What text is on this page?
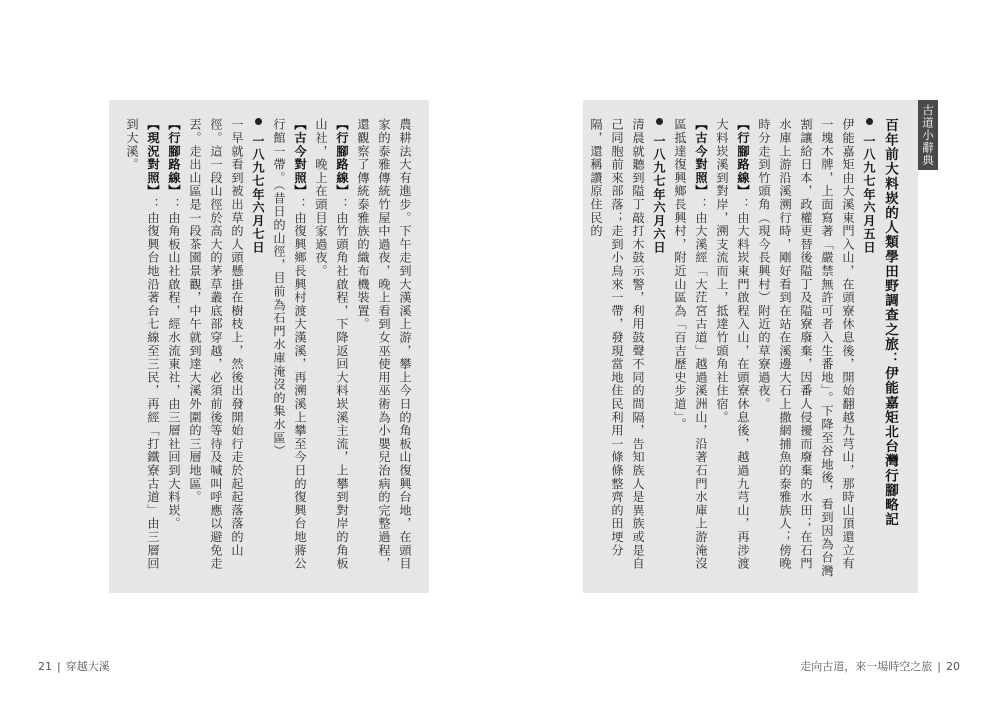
農耕法大有進步。下午走到大漢溪上游，攀上今日的角板山復興台地，在頭目家的泰雅傳統竹屋中過夜，晚上看到女巫使用巫術為小嬰兒治病的完整過程，還觀察了傳統泰雅族的織布機裝置。

【行腳路線】：由竹頭角社啟程，下降返回大料崁溪主流，上攀到對岸的角板山社，晚上在頭目家過夜。

【古今對照】：由復興鄉長興村渡大漢溪，再溯溪上攀至今日的復興台地蔣公行館一帶。（昔日的山徑，目前為石門水庫淹沒的集水區）

一八九七年六月七日

一早就看到被出草的人頭懸掛在樹枝上，然後出發開始行走於起起落落的山徑。這一段山徑於高大的茅草叢底部穿越，必須前後等待及喊叫呼應以避免走丟。走出山區是一段茶園景觀，中午就到達大溪外圍的三層地區。

【行腳路線】：由角板山社啟程，經水流東社，由三層社回到大料崁。

【現況對照】：由復興台地沿著台七線至三民，再經「打鐵寮古道」由三層回到大溪。	百年前大料崁的人類學田野調查之旅：伊能嘉矩北台灣行腳略記

一八九七年六月五日

伊能嘉矩由大溪東門入山，在頭寮休息後，開始翻越九芎山，那時山頂還立有一塊木牌，上面寫著「嚴禁無許可者入生番地」。下降至谷地後，看到因為台灣割讓給日本，政權更替後隘丁及隘寮廢棄，因番人侵擾而廢棄的水田；在石門水庫上游沿溪溯行時，剛好看到在站在溪邊大石上撒網捕魚的泰雅族人；傍晚時分走到竹頭角（現今長興村）附近的草寮過夜。

【行腳路線】：由大料崁東門啟程入山，在頭寮休息後，越過九芎山，再涉渡大料崁溪到對岸，溯支流而上，抵達竹頭角社住宿。

【古今對照】：由大溪經「大茳宮古道」越過溪洲山，沿著石門水庫上游淹沒區抵達復興鄉長興村，附近山區為「百吉歷史步道」。

一八九七年六月六日

清晨就聽到隘丁敲打木鼓示警，利用鼓聲不同的間隔，告知族人是異族或是自己同胞前來部落；走到小烏來一帶，發現當地住民利用一條條整齊的田埂分隔，還稱讚原住民的	古道小辭典
21 | 穿越大溪	走向古道，來一場時空之旅 | 20
